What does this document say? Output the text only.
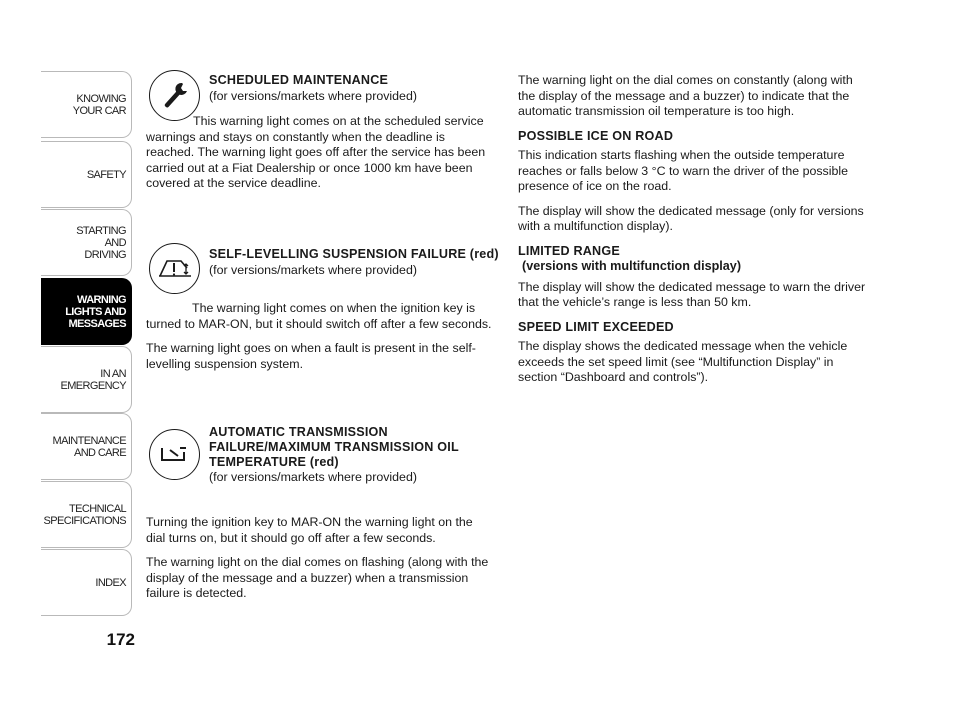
KNOWING
YOUR CAR
SAFETY
STARTING
AND
DRIVING
WARNING
LIGHTS AND
MESSAGES
IN AN
EMERGENCY
MAINTENANCE
AND CARE
TECHNICAL
SPECIFICATIONS
INDEX
172
SCHEDULED MAINTENANCE
(for versions/markets where provided)

This warning light comes on at the scheduled service warnings and stays on constantly when the deadline is reached. The warning light goes off after the service has been carried out at a Fiat Dealership or once 1000 km have been covered at the service deadline.

SELF-LEVELLING SUSPENSION FAILURE (red)
(for versions/markets where provided)

The warning light comes on when the ignition key is turned to MAR-ON, but it should switch off after a few seconds.

The warning light goes on when a fault is present in the self-levelling suspension system.

AUTOMATIC TRANSMISSION FAILURE/MAXIMUM TRANSMISSION OIL TEMPERATURE (red)
(for versions/markets where provided)

Turning the ignition key to MAR-ON the warning light on the dial turns on, but it should go off after a few seconds.

The warning light on the dial comes on flashing (along with the display of the message and a buzzer) when a transmission failure is detected.

The warning light on the dial comes on constantly (along with the display of the message and a buzzer) to indicate that the automatic transmission oil temperature is too high.

POSSIBLE ICE ON ROAD

This indication starts flashing when the outside temperature reaches or falls below 3 °C to warn the driver of the possible presence of ice on the road.

The display will show the dedicated message (only for versions with a multifunction display).

LIMITED RANGE
(versions with multifunction display)

The display will show the dedicated message to warn the driver that the vehicle’s range is less than 50 km.

SPEED LIMIT EXCEEDED

The display shows the dedicated message when the vehicle exceeds the set speed limit (see “Multifunction Display” in section “Dashboard and controls”).
